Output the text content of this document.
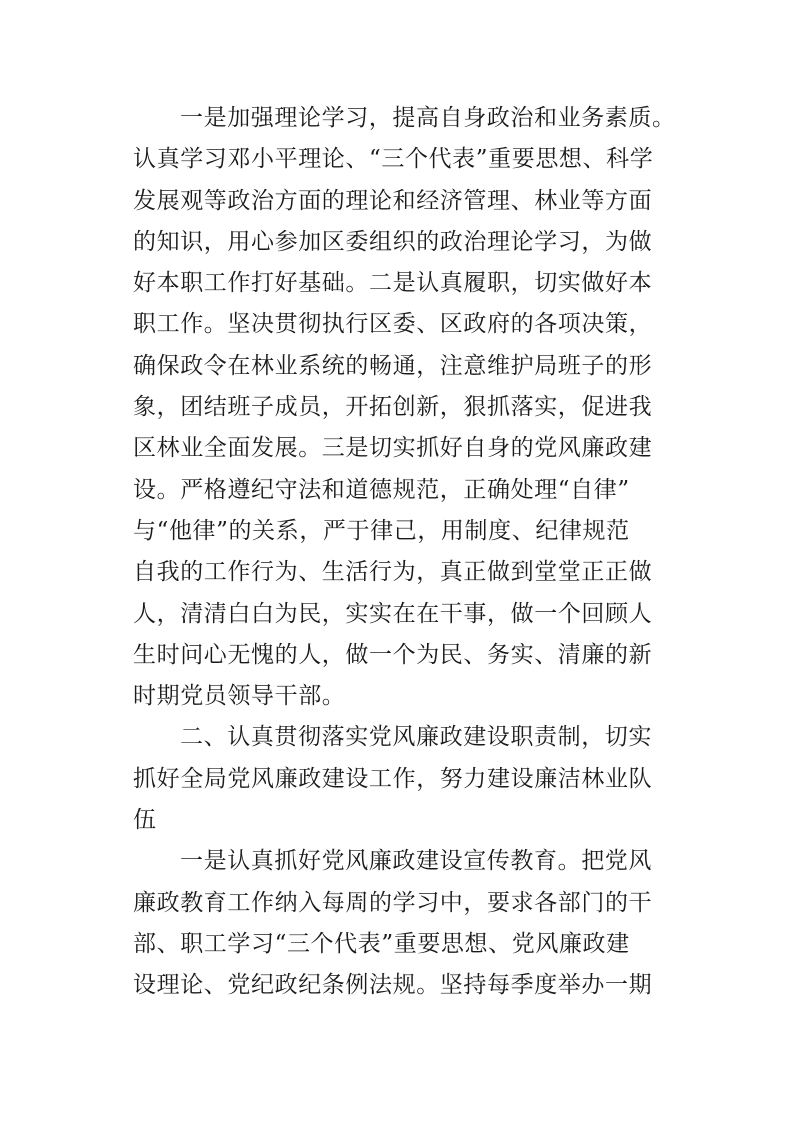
一是加强理论学习，提高自身政治和业务素质。
认真学习邓小平理论、“三个代表”重要思想、科学
发展观等政治方面的理论和经济管理、林业等方面
的知识，用心参加区委组织的政治理论学习，为做
好本职工作打好基础。二是认真履职，切实做好本
职工作。坚决贯彻执行区委、区政府的各项决策，
确保政令在林业系统的畅通，注意维护局班子的形
象，团结班子成员，开拓创新，狠抓落实，促进我
区林业全面发展。三是切实抓好自身的党风廉政建
设。严格遵纪守法和道德规范，正确处理“自律”
与“他律”的关系，严于律己，用制度、纪律规范
自我的工作行为、生活行为，真正做到堂堂正正做
人，清清白白为民，实实在在干事，做一个回顾人
生时问心无愧的人，做一个为民、务实、清廉的新
时期党员领导干部。
二、认真贯彻落实党风廉政建设职责制，切实
抓好全局党风廉政建设工作，努力建设廉洁林业队
伍
一是认真抓好党风廉政建设宣传教育。把党风
廉政教育工作纳入每周的学习中，要求各部门的干
部、职工学习“三个代表”重要思想、党风廉政建
设理论、党纪政纪条例法规。坚持每季度举办一期
